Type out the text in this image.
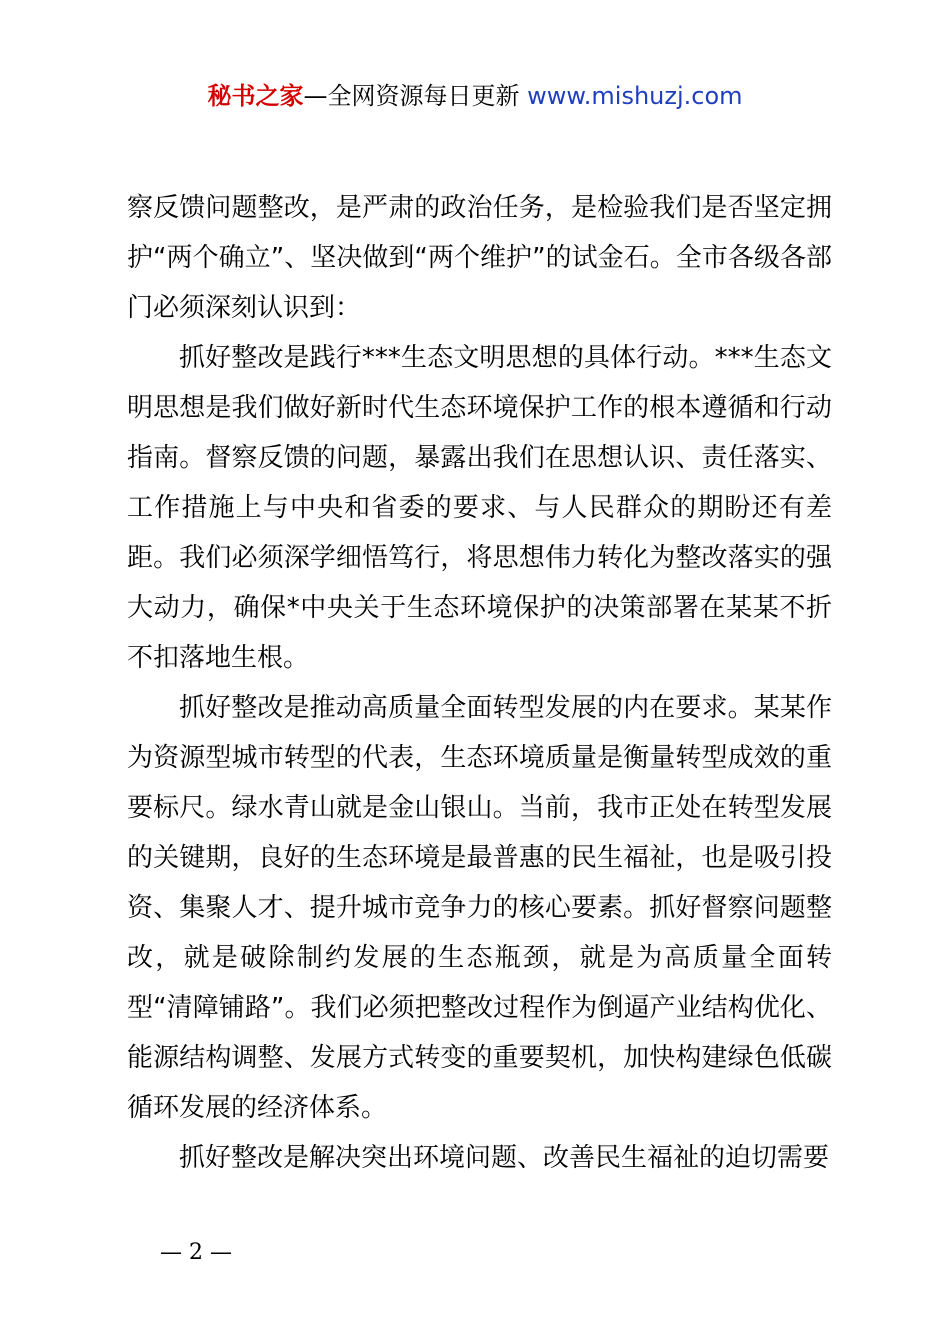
秘书之家—全网资源每日更新 www.mishuzj.com

察反馈问题整改，是严肃的政治任务，是检验我们是否坚定拥护“两个确立”、坚决做到“两个维护”的试金石。全市各级各部门必须深刻认识到：

抓好整改是践行***生态文明思想的具体行动。***生态文明思想是我们做好新时代生态环境保护工作的根本遵循和行动指南。督察反馈的问题，暴露出我们在思想认识、责任落实、工作措施上与中央和省委的要求、与人民群众的期盼还有差距。我们必须深学细悟笃行，将思想伟力转化为整改落实的强大动力，确保*中央关于生态环境保护的决策部署在某某不折不扣落地生根。

抓好整改是推动高质量全面转型发展的内在要求。某某作为资源型城市转型的代表，生态环境质量是衡量转型成效的重要标尺。绿水青山就是金山银山。当前，我市正处在转型发展的关键期，良好的生态环境是最普惠的民生福祉，也是吸引投资、集聚人才、提升城市竞争力的核心要素。抓好督察问题整改，就是破除制约发展的生态瓶颈，就是为高质量全面转型“清障铺路”。我们必须把整改过程作为倒逼产业结构优化、能源结构调整、发展方式转变的重要契机，加快构建绿色低碳循环发展的经济体系。

抓好整改是解决突出环境问题、改善民生福祉的迫切需要

— 2 —
